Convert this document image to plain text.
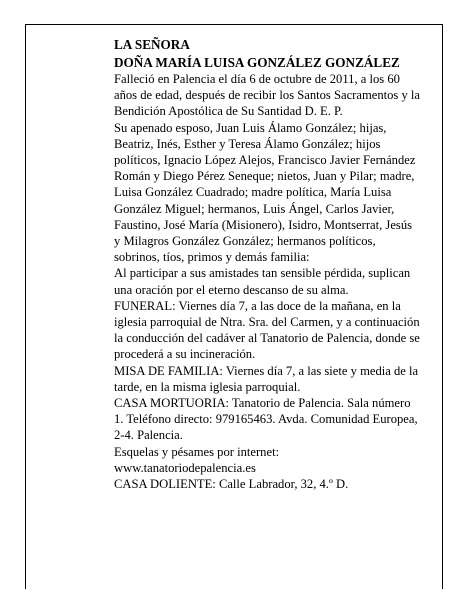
LA SEÑORA

DOÑA MARÍA LUISA GONZÁLEZ GONZÁLEZ

Falleció en Palencia el día 6 de octubre de 2011, a los 60 años de edad, después de recibir los Santos Sacramentos y la Bendición Apostólica de Su Santidad D. E. P.

Su apenado esposo, Juan Luis Álamo González; hijas, Beatriz, Inés, Esther y Teresa Álamo González; hijos políticos, Ignacio López Alejos, Francisco Javier Fernández Román y Diego Pérez Seneque; nietos, Juan y Pilar; madre, Luisa González Cuadrado; madre política, María Luisa González Miguel; hermanos, Luis Ángel, Carlos Javier, Faustino, José María (Misionero), Isidro, Montserrat, Jesús y Milagros González González; hermanos políticos, sobrinos, tíos, primos y demás familia:

Al participar a sus amistades tan sensible pérdida, suplican una oración por el eterno descanso de su alma.

FUNERAL: Viernes día 7, a las doce de la mañana, en la iglesia parroquial de Ntra. Sra. del Carmen, y a continuación la conducción del cadáver al Tanatorio de Palencia, donde se procederá a su incineración.

MISA DE FAMILIA: Viernes día 7, a las siete y media de la tarde, en la misma iglesia parroquial.

CASA MORTUORIA: Tanatorio de Palencia. Sala número 1. Teléfono directo: 979165463. Avda. Comunidad Europea, 2-4. Palencia.

Esquelas y pésames por internet: www.tanatoriodepalencia.es

CASA DOLIENTE: Calle Labrador, 32, 4.º D.
